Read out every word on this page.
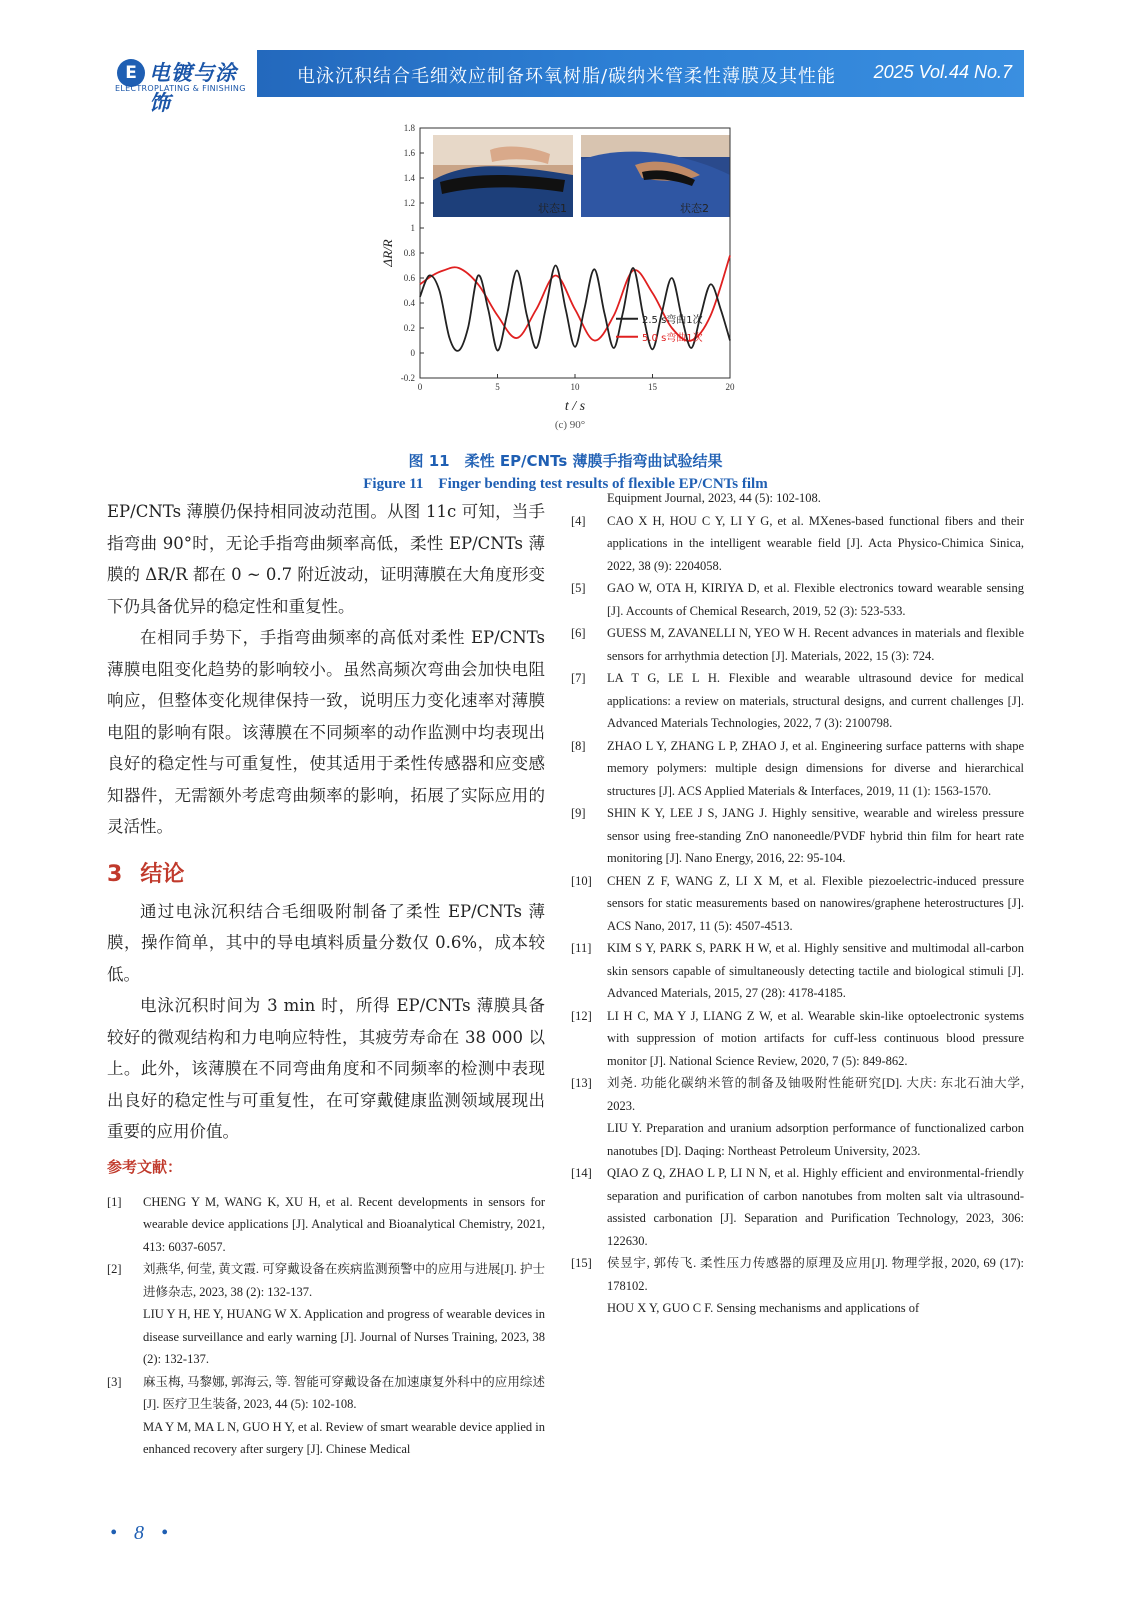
E 电镀与涂饰
ELECTROPLATING & FINISHING
电泳沉积结合毛细效应制备环氧树脂/碳纳米管柔性薄膜及其性能 2025 Vol.44 No.7
状态1	状态2
-0.2
0
0.2
0.4
0.6
0.8
1
1.2
1.4
1.6
1.8
0	5	10	15	20
ΔR/R
t / s
2.5 s弯曲1次
5.0 s弯曲1次
(c) 90°
图 11　柔性 EP/CNTs 薄膜手指弯曲试验结果
Figure 11　Finger bending test results of flexible EP/CNTs film

EP/CNTs 薄膜仍保持相同波动范围。从图 11c 可知，当手指弯曲 90°时，无论手指弯曲频率高低，柔性 EP/CNTs 薄膜的 ΔR/R 都在 0 ~ 0.7 附近波动，证明薄膜在大角度形变下仍具备优异的稳定性和重复性。

在相同手势下，手指弯曲频率的高低对柔性 EP/CNTs 薄膜电阻变化趋势的影响较小。虽然高频次弯曲会加快电阻响应，但整体变化规律保持一致，说明压力变化速率对薄膜电阻的影响有限。该薄膜在不同频率的动作监测中均表现出良好的稳定性与可重复性，使其适用于柔性传感器和应变感知器件，无需额外考虑弯曲频率的影响，拓展了实际应用的灵活性。

3 结论

通过电泳沉积结合毛细吸附制备了柔性 EP/CNTs 薄膜，操作简单，其中的导电填料质量分数仅 0.6%，成本较低。

电泳沉积时间为 3 min 时，所得 EP/CNTs 薄膜具备较好的微观结构和力电响应特性，其疲劳寿命在 38 000 以上。此外，该薄膜在不同弯曲角度和不同频率的检测中表现出良好的稳定性与可重复性，在可穿戴健康监测领域展现出重要的应用价值。

参考文献：
[1]	CHENG Y M, WANG K, XU H, et al. Recent developments in sensors for wearable device applications [J]. Analytical and Bioanalytical Chemistry, 2021, 413: 6037-6057.
[2]	刘燕华, 何莹, 黄文霞. 可穿戴设备在疾病监测预警中的应用与进展[J]. 护士进修杂志, 2023, 38 (2): 132-137.
LIU Y H, HE Y, HUANG W X. Application and progress of wearable devices in disease surveillance and early warning [J]. Journal of Nurses Training, 2023, 38 (2): 132-137.
[3]	麻玉梅, 马黎娜, 郭海云, 等. 智能可穿戴设备在加速康复外科中的应用综述[J]. 医疗卫生装备, 2023, 44 (5): 102-108.
MA Y M, MA L N, GUO H Y, et al. Review of smart wearable device applied in enhanced recovery after surgery [J]. Chinese Medical
Equipment Journal, 2023, 44 (5): 102-108.
[4]	CAO X H, HOU C Y, LI Y G, et al. MXenes-based functional fibers and their applications in the intelligent wearable field [J]. Acta Physico-Chimica Sinica, 2022, 38 (9): 2204058.
[5]	GAO W, OTA H, KIRIYA D, et al. Flexible electronics toward wearable sensing [J]. Accounts of Chemical Research, 2019, 52 (3): 523-533.
[6]	GUESS M, ZAVANELLI N, YEO W H. Recent advances in materials and flexible sensors for arrhythmia detection [J]. Materials, 2022, 15 (3): 724.
[7]	LA T G, LE L H. Flexible and wearable ultrasound device for medical applications: a review on materials, structural designs, and current challenges [J]. Advanced Materials Technologies, 2022, 7 (3): 2100798.
[8]	ZHAO L Y, ZHANG L P, ZHAO J, et al. Engineering surface patterns with shape memory polymers: multiple design dimensions for diverse and hierarchical structures [J]. ACS Applied Materials & Interfaces, 2019, 11 (1): 1563-1570.
[9]	SHIN K Y, LEE J S, JANG J. Highly sensitive, wearable and wireless pressure sensor using free-standing ZnO nanoneedle/PVDF hybrid thin film for heart rate monitoring [J]. Nano Energy, 2016, 22: 95-104.
[10]	CHEN Z F, WANG Z, LI X M, et al. Flexible piezoelectric-induced pressure sensors for static measurements based on nanowires/graphene heterostructures [J]. ACS Nano, 2017, 11 (5): 4507-4513.
[11]	KIM S Y, PARK S, PARK H W, et al. Highly sensitive and multimodal all-carbon skin sensors capable of simultaneously detecting tactile and biological stimuli [J]. Advanced Materials, 2015, 27 (28): 4178-4185.
[12]	LI H C, MA Y J, LIANG Z W, et al. Wearable skin-like optoelectronic systems with suppression of motion artifacts for cuff-less continuous blood pressure monitor [J]. National Science Review, 2020, 7 (5): 849-862.
[13]	刘尧. 功能化碳纳米管的制备及铀吸附性能研究[D]. 大庆: 东北石油大学, 2023.
LIU Y. Preparation and uranium adsorption performance of functionalized carbon nanotubes [D]. Daqing: Northeast Petroleum University, 2023.
[14]	QIAO Z Q, ZHAO L P, LI N N, et al. Highly efficient and environmental-friendly separation and purification of carbon nanotubes from molten salt via ultrasound-assisted carbonation [J]. Separation and Purification Technology, 2023, 306: 122630.
[15]	侯昱宇, 郭传飞. 柔性压力传感器的原理及应用[J]. 物理学报, 2020, 69 (17): 178102.
HOU X Y, GUO C F. Sensing mechanisms and applications of
• 8 •
